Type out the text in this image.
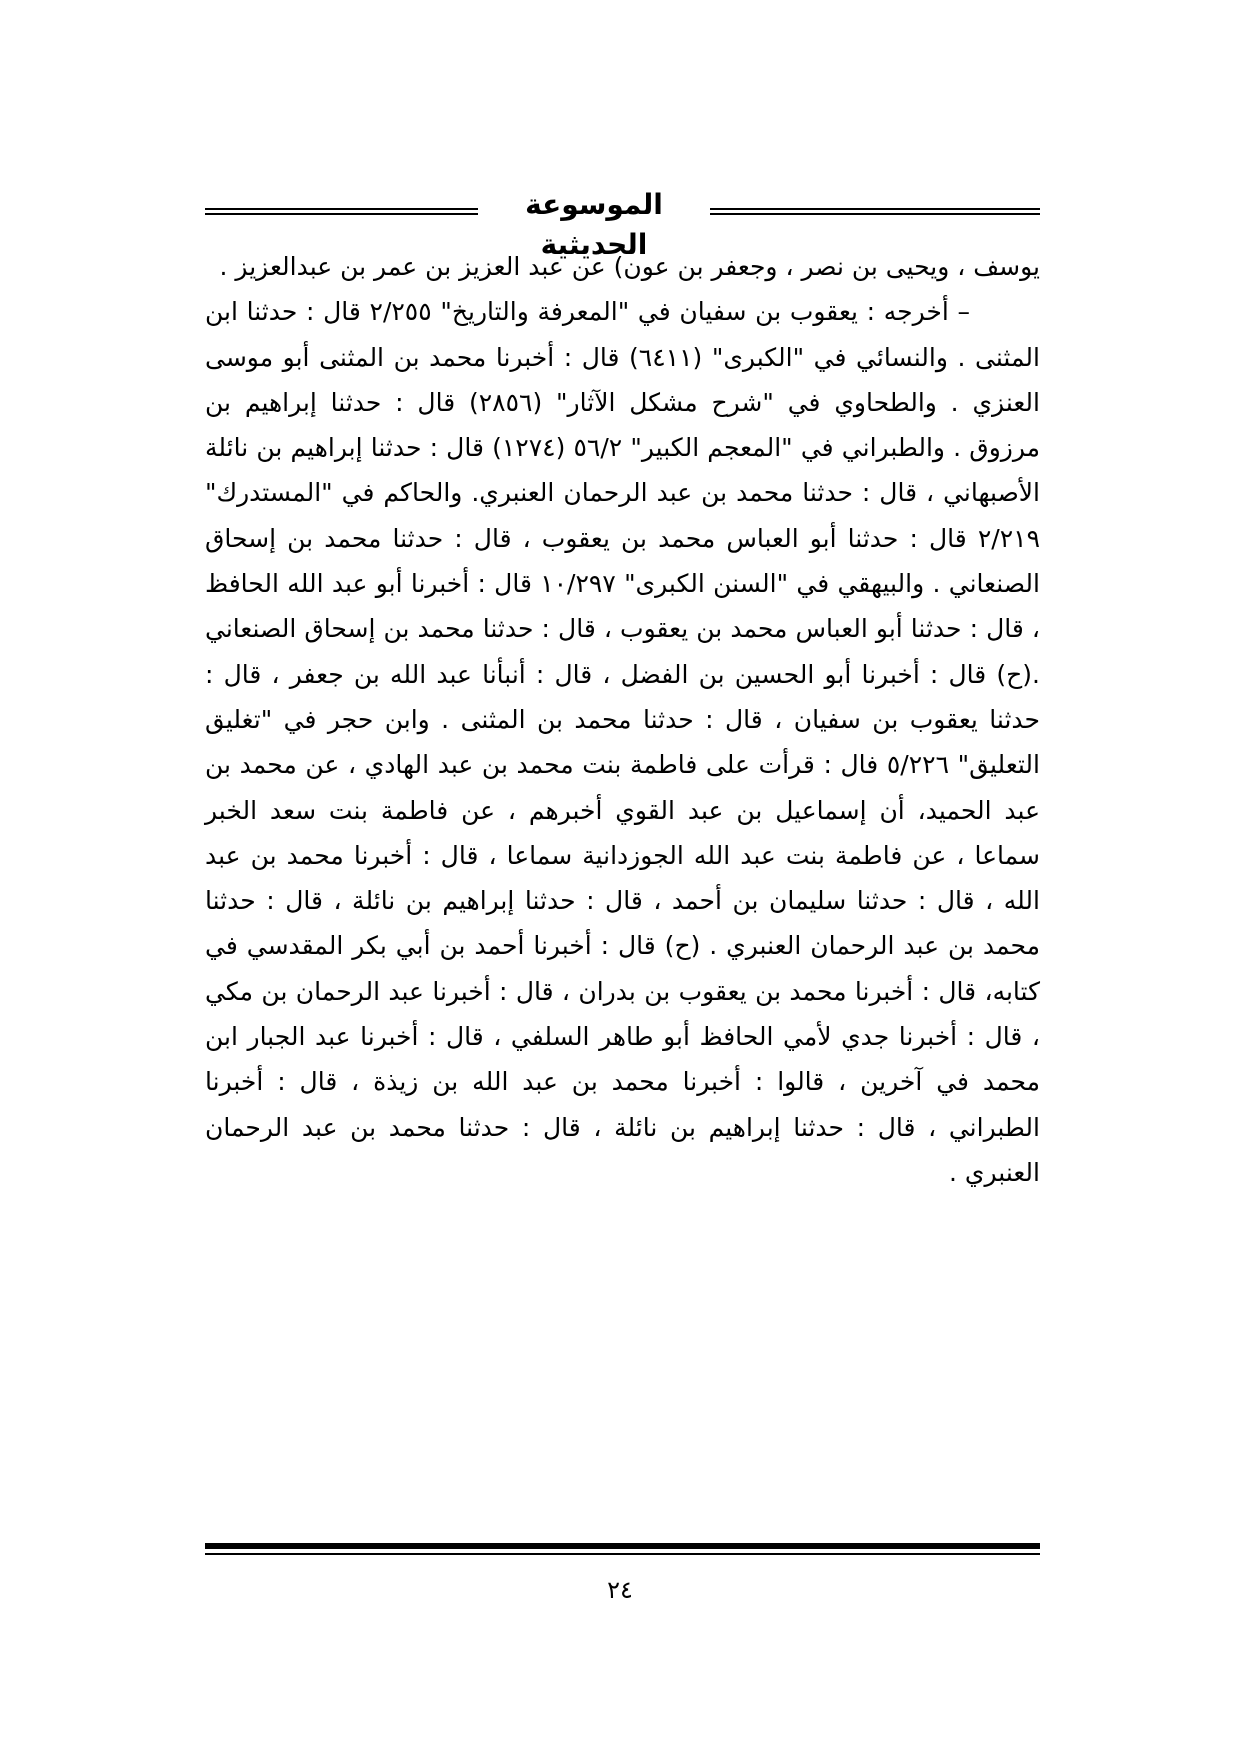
الموسوعة الحديثية

يوسف ، ويحيى بن نصر ، وجعفر بن عون) عن عبد العزيز بن عمر بن عبدالعزيز .

– أخرجه : يعقوب بن سفيان في "المعرفة والتاريخ" ٢/٢٥٥ قال : حدثنا ابن المثنى . والنسائي في "الكبرى" (٦٤١١) قال : أخبرنا محمد بن المثنى أبو موسى العنزي . والطحاوي في "شرح مشكل الآثار" (٢٨٥٦) قال : حدثنا إبراهيم بن مرزوق . والطبراني في "المعجم الكبير" ٥٦/٢ (١٢٧٤) قال : حدثنا إبراهيم بن نائلة الأصبهاني ، قال : حدثنا محمد بن عبد الرحمان العنبري. والحاكم في "المستدرك" ٢/٢١٩ قال : حدثنا أبو العباس محمد بن يعقوب ، قال : حدثنا محمد بن إسحاق الصنعاني . والبيهقي في "السنن الكبرى" ١٠/٢٩٧ قال : أخبرنا أبو عبد الله الحافظ ، قال : حدثنا أبو العباس محمد بن يعقوب ، قال : حدثنا محمد بن إسحاق الصنعاني .(ح) قال : أخبرنا أبو الحسين بن الفضل ، قال : أنبأنا عبد الله بن جعفر ، قال : حدثنا يعقوب بن سفيان ، قال : حدثنا محمد بن المثنى . وابن حجر في "تغليق التعليق" ٥/٢٢٦ فال : قرأت على فاطمة بنت محمد بن عبد الهادي ، عن محمد بن عبد الحميد، أن إسماعيل بن عبد القوي أخبرهم ، عن فاطمة بنت سعد الخبر سماعا ، عن فاطمة بنت عبد الله الجوزدانية سماعا ، قال : أخبرنا محمد بن عبد الله ، قال : حدثنا سليمان بن أحمد ، قال : حدثنا إبراهيم بن نائلة ، قال : حدثنا محمد بن عبد الرحمان العنبري . (ح) قال : أخبرنا أحمد بن أبي بكر المقدسي في كتابه، قال : أخبرنا محمد بن يعقوب بن بدران ، قال : أخبرنا عبد الرحمان بن مكي ، قال : أخبرنا جدي لأمي الحافظ أبو طاهر السلفي ، قال : أخبرنا عبد الجبار ابن محمد في آخرين ، قالوا : أخبرنا محمد بن عبد الله بن زيذة ، قال : أخبرنا الطبراني ، قال : حدثنا إبراهيم بن نائلة ، قال : حدثنا محمد بن عبد الرحمان العنبري .

٢٤
